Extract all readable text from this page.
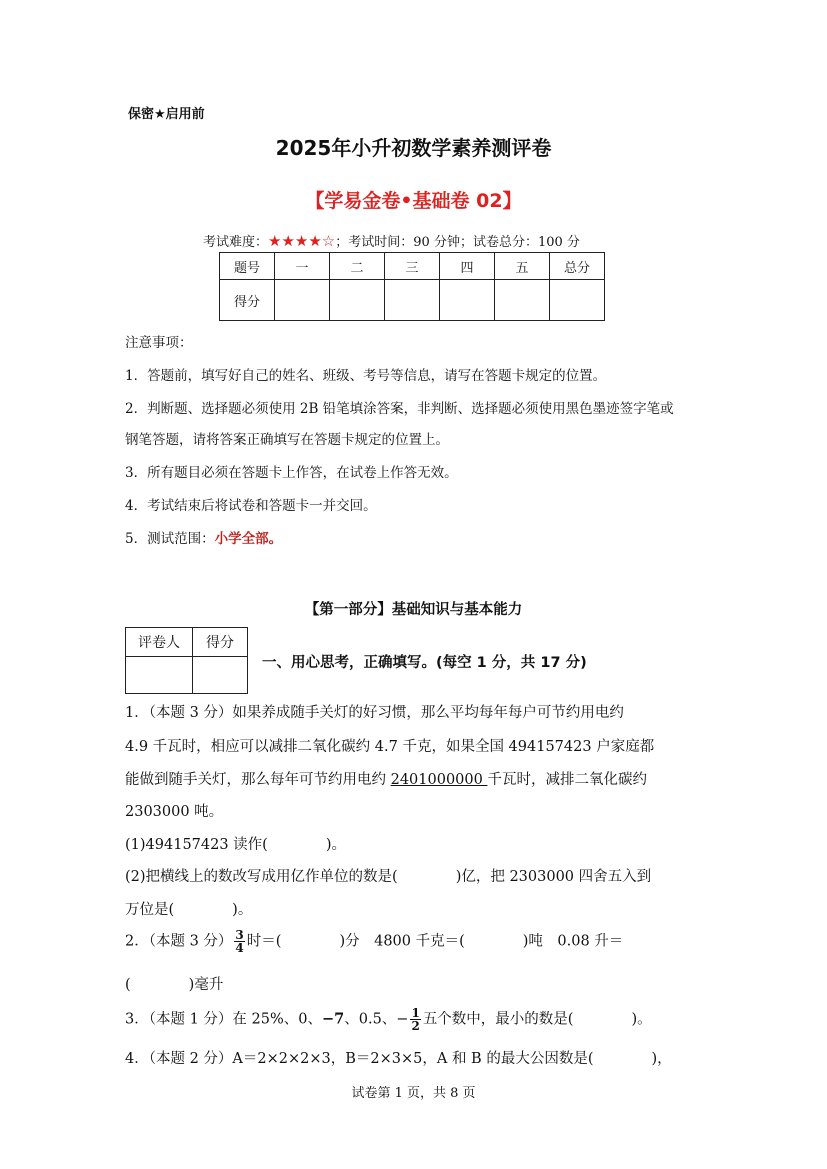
保密★启用前
2025年小升初数学素养测评卷
【学易金卷•基础卷 02】
考试难度：★★★★☆；考试时间：90 分钟；试卷总分：100 分
题号	一	二	三	四	五	总分
得分						
注意事项：
1．答题前，填写好自己的姓名、班级、考号等信息，请写在答题卡规定的位置。
2．判断题、选择题必须使用 2B 铅笔填涂答案，非判断、选择题必须使用黑色墨迹签字笔或
钢笔答题，请将答案正确填写在答题卡规定的位置上。
3．所有题目必须在答题卡上作答，在试卷上作答无效。
4．考试结束后将试卷和答题卡一并交回。
5．测试范围：小学全部。
【第一部分】基础知识与基本能力
评卷人	得分

一、用心思考，正确填写。(每空 1 分，共 17 分)
1．（本题 3 分）如果养成随手关灯的好习惯，那么平均每年每户可节约用电约
4.9 千瓦时，相应可以减排二氧化碳约 4.7 千克，如果全国 494157423 户家庭都
能做到随手关灯，那么每年可节约用电约 2401000000 千瓦时，减排二氧化碳约
2303000 吨。
(1)494157423 读作(　　　　)。
(2)把横线上的数改写成用亿作单位的数是(　　　　)亿，把 2303000 四舍五入到
万位是(　　　　)。
2．（本题 3 分） $\frac{3}{4}$ 时＝(　　　　)分　4800 千克＝(　　　　)吨　0.08 升＝
(　　　　)毫升
3．（本题 1 分）在 25%、0、−7、0.5、− $\frac{1}{2}$ 五个数中，最小的数是(　　　　)。
4．（本题 2 分）A＝2×2×2×3，B＝2×3×5，A 和 B 的最大公因数是(　　　　)，
试卷第 1 页，共 8 页
